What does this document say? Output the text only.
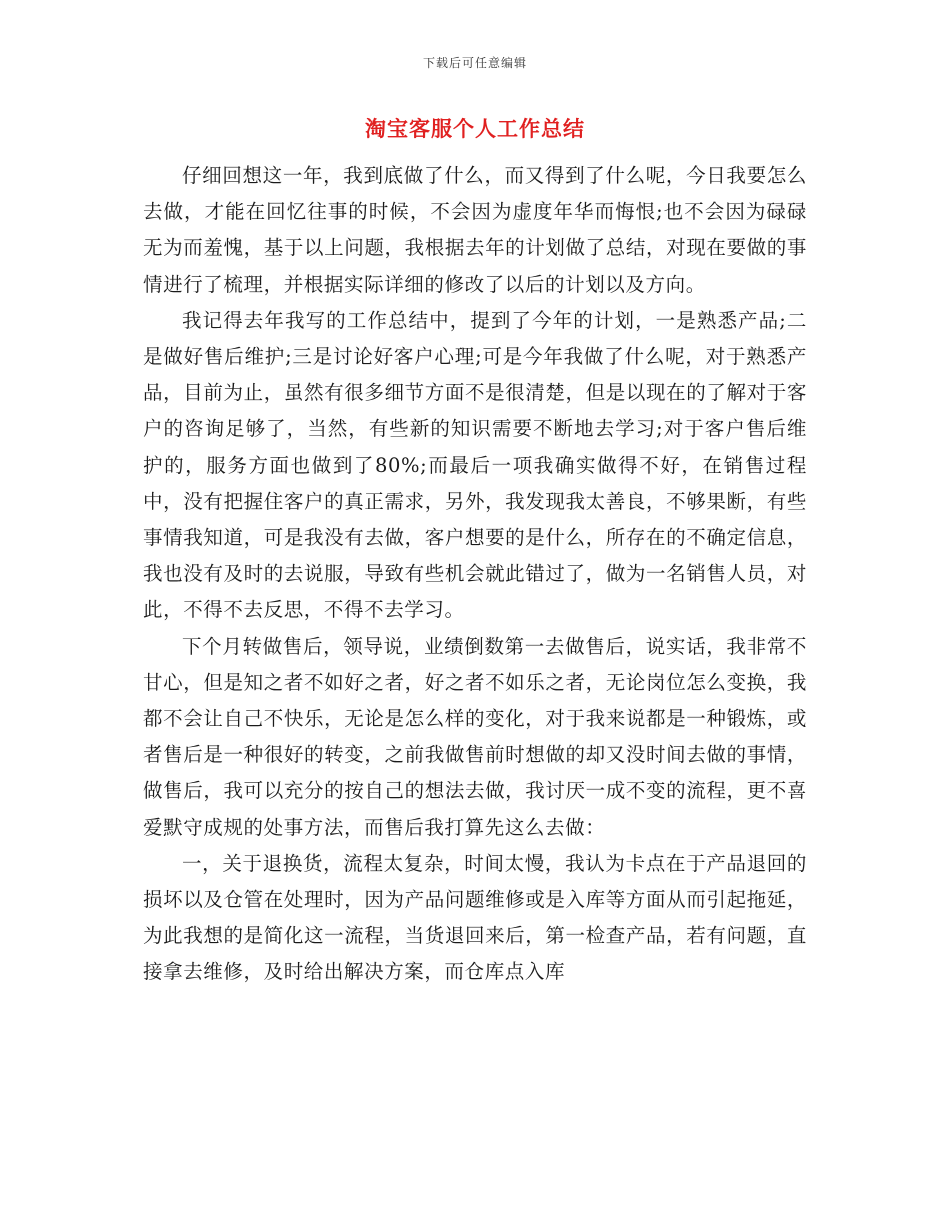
下载后可任意编辑
淘宝客服个人工作总结

仔细回想这一年，我到底做了什么，而又得到了什么呢，今日我要怎么去做，才能在回忆往事的时候，不会因为虚度年华而悔恨;也不会因为碌碌无为而羞愧，基于以上问题，我根据去年的计划做了总结，对现在要做的事情进行了梳理，并根据实际详细的修改了以后的计划以及方向。

我记得去年我写的工作总结中，提到了今年的计划，一是熟悉产品;二是做好售后维护;三是讨论好客户心理;可是今年我做了什么呢，对于熟悉产品，目前为止，虽然有很多细节方面不是很清楚，但是以现在的了解对于客户的咨询足够了，当然，有些新的知识需要不断地去学习;对于客户售后维护的，服务方面也做到了80%;而最后一项我确实做得不好，在销售过程中，没有把握住客户的真正需求，另外，我发现我太善良，不够果断，有些事情我知道，可是我没有去做，客户想要的是什么，所存在的不确定信息，我也没有及时的去说服，导致有些机会就此错过了，做为一名销售人员，对此，不得不去反思，不得不去学习。

下个月转做售后，领导说，业绩倒数第一去做售后，说实话，我非常不甘心，但是知之者不如好之者，好之者不如乐之者，无论岗位怎么变换，我都不会让自己不快乐，无论是怎么样的变化，对于我来说都是一种锻炼，或者售后是一种很好的转变，之前我做售前时想做的却又没时间去做的事情，做售后，我可以充分的按自己的想法去做，我讨厌一成不变的流程，更不喜爱默守成规的处事方法，而售后我打算先这么去做：

一，关于退换货，流程太复杂，时间太慢，我认为卡点在于产品退回的损坏以及仓管在处理时，因为产品问题维修或是入库等方面从而引起拖延，为此我想的是简化这一流程，当货退回来后，第一检查产品，若有问题，直接拿去维修，及时给出解决方案，而仓库点入库
